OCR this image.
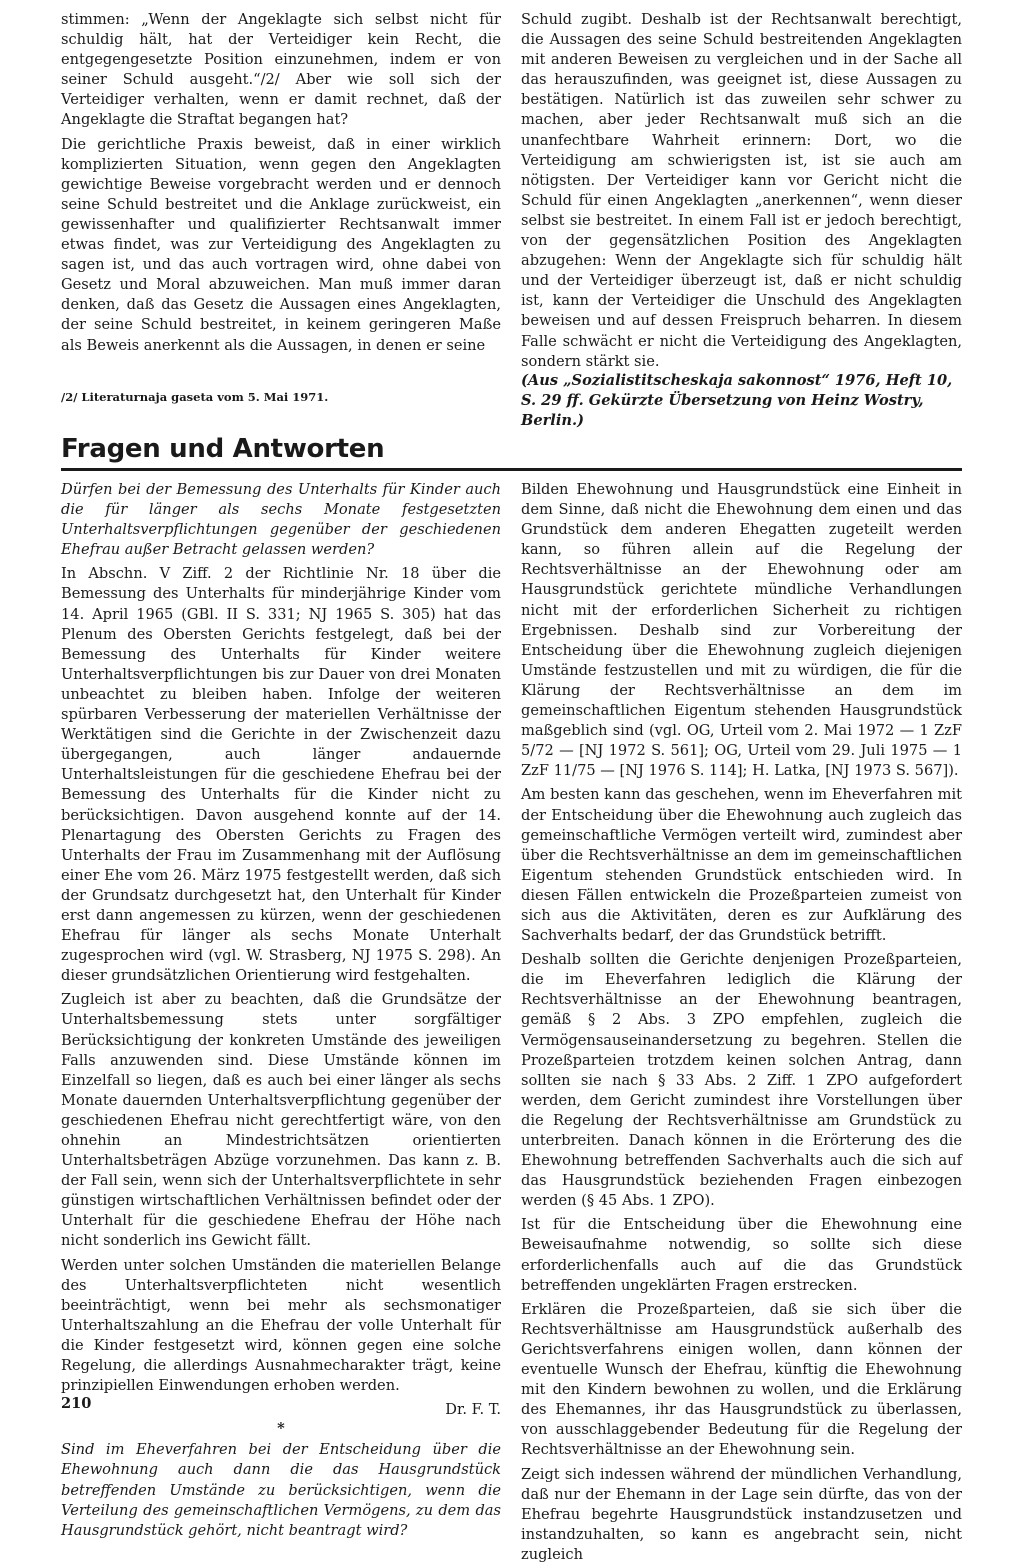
stimmen: „Wenn der Angeklagte sich selbst nicht für schuldig hält, hat der Verteidiger kein Recht, die entgegengesetzte Position einzunehmen, indem er von seiner Schuld ausgeht.“/2/ Aber wie soll sich der Verteidiger verhalten, wenn er damit rechnet, daß der Angeklagte die Straftat begangen hat?

Die gerichtliche Praxis beweist, daß in einer wirklich komplizierten Situation, wenn gegen den Angeklagten gewichtige Beweise vorgebracht werden und er dennoch seine Schuld bestreitet und die Anklage zurückweist, ein gewissenhafter und qualifizierter Rechtsanwalt immer etwas findet, was zur Verteidigung des Angeklagten zu sagen ist, und das auch vortragen wird, ohne dabei von Gesetz und Moral abzuweichen. Man muß immer daran denken, daß das Gesetz die Aussagen eines Angeklagten, der seine Schuld bestreitet, in keinem geringeren Maße als Beweis anerkennt als die Aussagen, in denen er seine

Schuld zugibt. Deshalb ist der Rechtsanwalt berechtigt, die Aussagen des seine Schuld bestreitenden Angeklagten mit anderen Beweisen zu vergleichen und in der Sache all das herauszufinden, was geeignet ist, diese Aussagen zu bestätigen. Natürlich ist das zuweilen sehr schwer zu machen, aber jeder Rechtsanwalt muß sich an die unanfechtbare Wahrheit erinnern: Dort, wo die Verteidigung am schwierigsten ist, ist sie auch am nötigsten. Der Verteidiger kann vor Gericht nicht die Schuld für einen Angeklagten „anerkennen“, wenn dieser selbst sie bestreitet. In einem Fall ist er jedoch berechtigt, von der gegensätzlichen Position des Angeklagten abzugehen: Wenn der Angeklagte sich für schuldig hält und der Verteidiger überzeugt ist, daß er nicht schuldig ist, kann der Verteidiger die Unschuld des Angeklagten beweisen und auf dessen Freispruch beharren. In diesem Falle schwächt er nicht die Verteidigung des Angeklagten, sondern stärkt sie.

(Aus „Sozialistitscheskaja sakonnost“ 1976, Heft 10, S. 29 ff. Gekürzte Übersetzung von Heinz Wostry, Berlin.)
/2/ Literaturnaja gaseta vom 5. Mai 1971.
Fragen und Antworten

Dürfen bei der Bemessung des Unterhalts für Kinder auch die für länger als sechs Monate festgesetzten Unterhaltsverpflichtungen gegenüber der geschiedenen Ehefrau außer Betracht gelassen werden?

In Abschn. V Ziff. 2 der Richtlinie Nr. 18 über die Bemessung des Unterhalts für minderjährige Kinder vom 14. April 1965 (GBl. II S. 331; NJ 1965 S. 305) hat das Plenum des Obersten Gerichts festgelegt, daß bei der Bemessung des Unterhalts für Kinder weitere Unterhaltsverpflichtungen bis zur Dauer von drei Monaten unbeachtet zu bleiben haben. Infolge der weiteren spürbaren Verbesserung der materiellen Verhältnisse der Werktätigen sind die Gerichte in der Zwischenzeit dazu übergegangen, auch länger andauernde Unterhaltsleistungen für die geschiedene Ehefrau bei der Bemessung des Unterhalts für die Kinder nicht zu berücksichtigen. Davon ausgehend konnte auf der 14. Plenartagung des Obersten Gerichts zu Fragen des Unterhalts der Frau im Zusammenhang mit der Auflösung einer Ehe vom 26. März 1975 festgestellt werden, daß sich der Grundsatz durchgesetzt hat, den Unterhalt für Kinder erst dann angemessen zu kürzen, wenn der geschiedenen Ehefrau für länger als sechs Monate Unterhalt zugesprochen wird (vgl. W. Strasberg, NJ 1975 S. 298). An dieser grundsätzlichen Orientierung wird festgehalten.

Zugleich ist aber zu beachten, daß die Grundsätze der Unterhaltsbemessung stets unter sorgfältiger Berücksichtigung der konkreten Umstände des jeweiligen Falls anzuwenden sind. Diese Umstände können im Einzelfall so liegen, daß es auch bei einer länger als sechs Monate dauernden Unterhaltsverpflichtung gegenüber der geschiedenen Ehefrau nicht gerechtfertigt wäre, von den ohnehin an Mindestrichtsätzen orientierten Unterhaltsbeträgen Abzüge vorzunehmen. Das kann z. B. der Fall sein, wenn sich der Unterhaltsverpflichtete in sehr günstigen wirtschaftlichen Verhältnissen befindet oder der Unterhalt für die geschiedene Ehefrau der Höhe nach nicht sonderlich ins Gewicht fällt.

Werden unter solchen Umständen die materiellen Belange des Unterhaltsverpflichteten nicht wesentlich beeinträchtigt, wenn bei mehr als sechsmonatiger Unterhaltszahlung an die Ehefrau der volle Unterhalt für die Kinder festgesetzt wird, können gegen eine solche Regelung, die allerdings Ausnahmecharakter trägt, keine prinzipiellen Einwendungen erhoben werden.

Dr. F. T.

*

Sind im Eheverfahren bei der Entscheidung über die Ehewohnung auch dann die das Hausgrundstück betreffenden Umstände zu berücksichtigen, wenn die Verteilung des gemeinschaftlichen Vermögens, zu dem das Hausgrundstück gehört, nicht beantragt wird?

Bilden Ehewohnung und Hausgrundstück eine Einheit in dem Sinne, daß nicht die Ehewohnung dem einen und das Grundstück dem anderen Ehegatten zugeteilt werden kann, so führen allein auf die Regelung der Rechtsverhältnisse an der Ehewohnung oder am Hausgrundstück gerichtete mündliche Verhandlungen nicht mit der erforderlichen Sicherheit zu richtigen Ergebnissen. Deshalb sind zur Vorbereitung der Entscheidung über die Ehewohnung zugleich diejenigen Umstände festzustellen und mit zu würdigen, die für die Klärung der Rechtsverhältnisse an dem im gemeinschaftlichen Eigentum stehenden Hausgrundstück maßgeblich sind (vgl. OG, Urteil vom 2. Mai 1972 — 1 ZzF 5/72 — [NJ 1972 S. 561]; OG, Urteil vom 29. Juli 1975 — 1 ZzF 11/75 — [NJ 1976 S. 114]; H. Latka, [NJ 1973 S. 567]).

Am besten kann das geschehen, wenn im Eheverfahren mit der Entscheidung über die Ehewohnung auch zugleich das gemeinschaftliche Vermögen verteilt wird, zumindest aber über die Rechtsverhältnisse an dem im gemeinschaftlichen Eigentum stehenden Grundstück entschieden wird. In diesen Fällen entwickeln die Prozeßparteien zumeist von sich aus die Aktivitäten, deren es zur Aufklärung des Sachverhalts bedarf, der das Grundstück betrifft.

Deshalb sollten die Gerichte denjenigen Prozeßparteien, die im Eheverfahren lediglich die Klärung der Rechtsverhältnisse an der Ehewohnung beantragen, gemäß § 2 Abs. 3 ZPO empfehlen, zugleich die Vermögensauseinandersetzung zu begehren. Stellen die Prozeßparteien trotzdem keinen solchen Antrag, dann sollten sie nach § 33 Abs. 2 Ziff. 1 ZPO aufgefordert werden, dem Gericht zumindest ihre Vorstellungen über die Regelung der Rechtsverhältnisse am Grundstück zu unterbreiten. Danach können in die Erörterung des die Ehewohnung betreffenden Sachverhalts auch die sich auf das Hausgrundstück beziehenden Fragen einbezogen werden (§ 45 Abs. 1 ZPO).

Ist für die Entscheidung über die Ehewohnung eine Beweisaufnahme notwendig, so sollte sich diese erforderlichenfalls auch auf die das Grundstück betreffenden ungeklärten Fragen erstrecken.

Erklären die Prozeßparteien, daß sie sich über die Rechtsverhältnisse am Hausgrundstück außerhalb des Gerichtsverfahrens einigen wollen, dann können der eventuelle Wunsch der Ehefrau, künftig die Ehewohnung mit den Kindern bewohnen zu wollen, und die Erklärung des Ehemannes, ihr das Hausgrundstück zu überlassen, von ausschlaggebender Bedeutung für die Regelung der Rechtsverhältnisse an der Ehewohnung sein.

Zeigt sich indessen während der mündlichen Verhandlung, daß nur der Ehemann in der Lage sein dürfte, das von der Ehefrau begehrte Hausgrundstück instandzusetzen und instandzuhalten, so kann es angebracht sein, nicht zugleich

210
